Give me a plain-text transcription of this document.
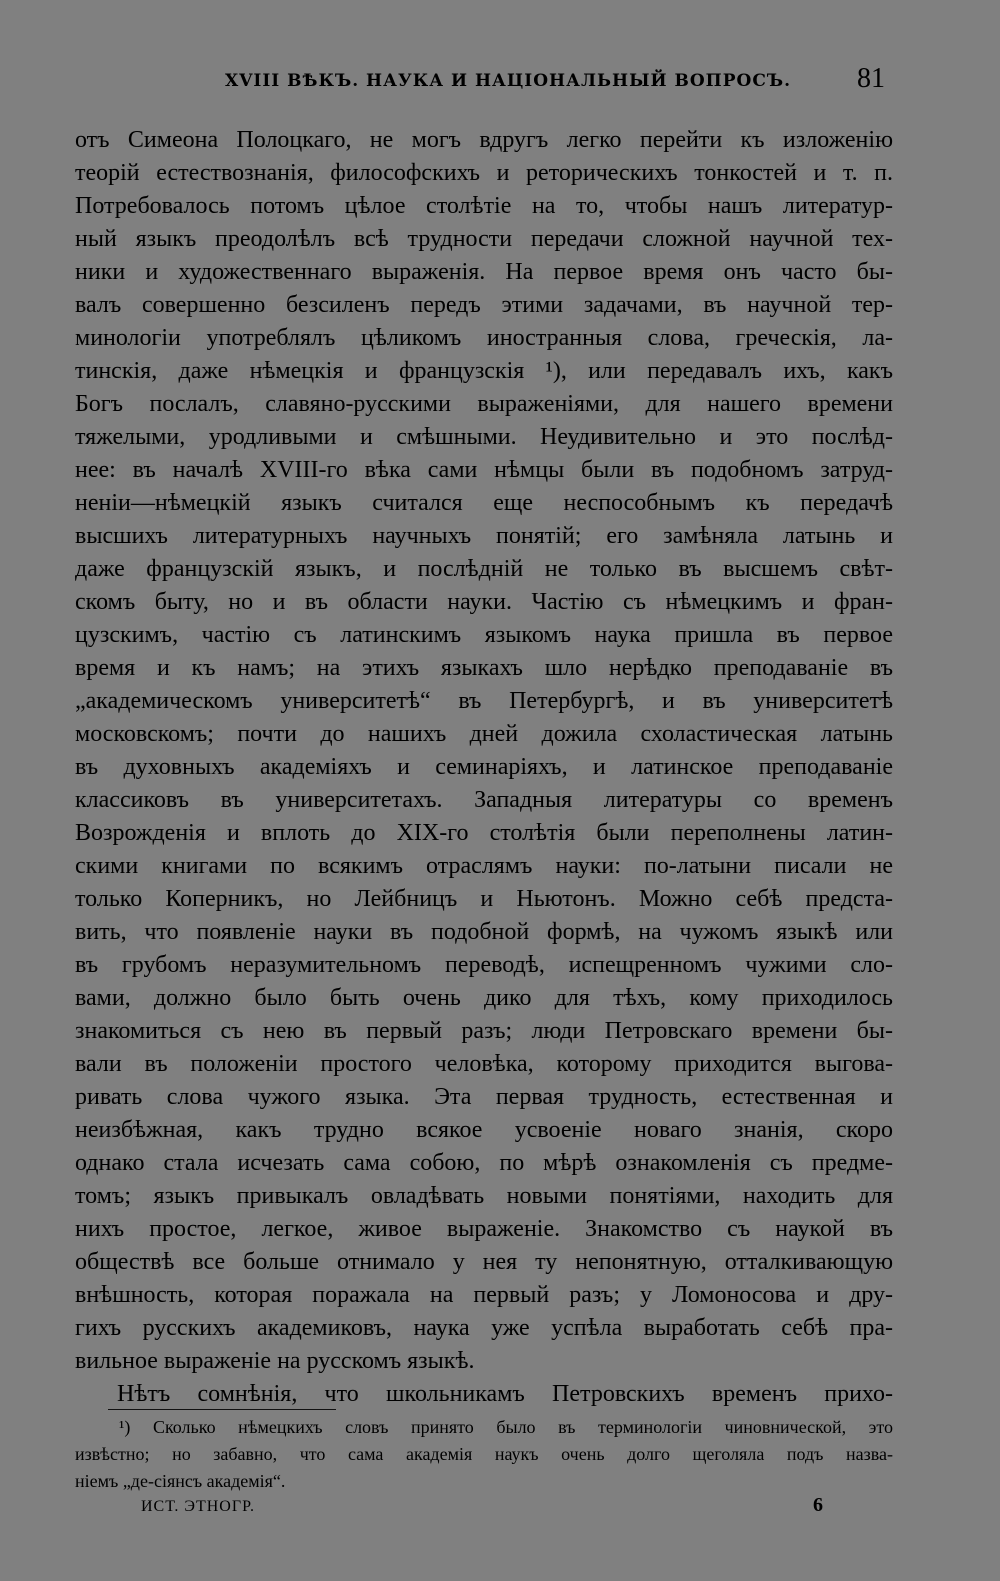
XVIII ВѢКЪ. НАУКА И НАЦІОНАЛЬНЫЙ ВОПРОСЪ. 81
отъ Симеона Полоцкаго, не могъ вдругъ легко перейти къ изложенію
теорій естествознанія, философскихъ и реторическихъ тонкостей и т. п.
Потребовалось потомъ цѣлое столѣтіе на то, чтобы нашъ литератур-
ный языкъ преодолѣлъ всѣ трудности передачи сложной научной тех-
ники и художественнаго выраженія. На первое время онъ часто бы-
валъ совершенно безсиленъ передъ этими задачами, въ научной тер-
минологіи употреблялъ цѣликомъ иностранныя слова, греческія, ла-
тинскія, даже нѣмецкія и французскія ¹), или передавалъ ихъ, какъ
Богъ послалъ, славяно-русскими выраженіями, для нашего времени
тяжелыми, уродливыми и смѣшными. Неудивительно и это послѣд-
нее: въ началѣ XVIII-го вѣка сами нѣмцы были въ подобномъ затруд-
неніи—нѣмецкій языкъ считался еще неспособнымъ къ передачѣ
высшихъ литературныхъ научныхъ понятій; его замѣняла латынь и
даже французскій языкъ, и послѣдній не только въ высшемъ свѣт-
скомъ быту, но и въ области науки. Частію съ нѣмецкимъ и фран-
цузскимъ, частію съ латинскимъ языкомъ наука пришла въ первое
время и къ намъ; на этихъ языкахъ шло нерѣдко преподаваніе въ
„академическомъ университетѣ“ въ Петербургѣ, и въ университетѣ
московскомъ; почти до нашихъ дней дожила схоластическая латынь
въ духовныхъ академіяхъ и семинаріяхъ, и латинское преподаваніе
классиковъ въ университетахъ. Западныя литературы со временъ
Возрожденія и вплоть до XIX-го столѣтія были переполнены латин-
скими книгами по всякимъ отраслямъ науки: по-латыни писали не
только Коперникъ, но Лейбницъ и Ньютонъ. Можно себѣ предста-
вить, что появленіе науки въ подобной формѣ, на чужомъ языкѣ или
въ грубомъ неразумительномъ переводѣ, испещренномъ чужими сло-
вами, должно было быть очень дико для тѣхъ, кому приходилось
знакомиться съ нею въ первый разъ; люди Петровскаго времени бы-
вали въ положеніи простого человѣка, которому приходится выгова-
ривать слова чужого языка. Эта первая трудность, естественная и
неизбѣжная, какъ трудно всякое усвоеніе новаго знанія, скоро
однако стала исчезать сама собою, по мѣрѣ ознакомленія съ предме-
томъ; языкъ привыкалъ овладѣвать новыми понятіями, находить для
нихъ простое, легкое, живое выраженіе. Знакомство съ наукой въ
обществѣ все больше отнимало у нея ту непонятную, отталкивающую
внѣшность, которая поражала на первый разъ; у Ломоносова и дру-
гихъ русскихъ академиковъ, наука уже успѣла выработать себѣ пра-
вильное выраженіе на русскомъ языкѣ.
Нѣтъ сомнѣнія, что школьникамъ Петровскихъ временъ прихо-
¹) Сколько нѣмецкихъ словъ принято было въ терминологіи чиновнической, это
извѣстно; но забавно, что сама академія наукъ очень долго щеголяла подъ назва-
ніемъ „де-сіянсъ академія“.
ИСТ. ЭТНОГР.	6
